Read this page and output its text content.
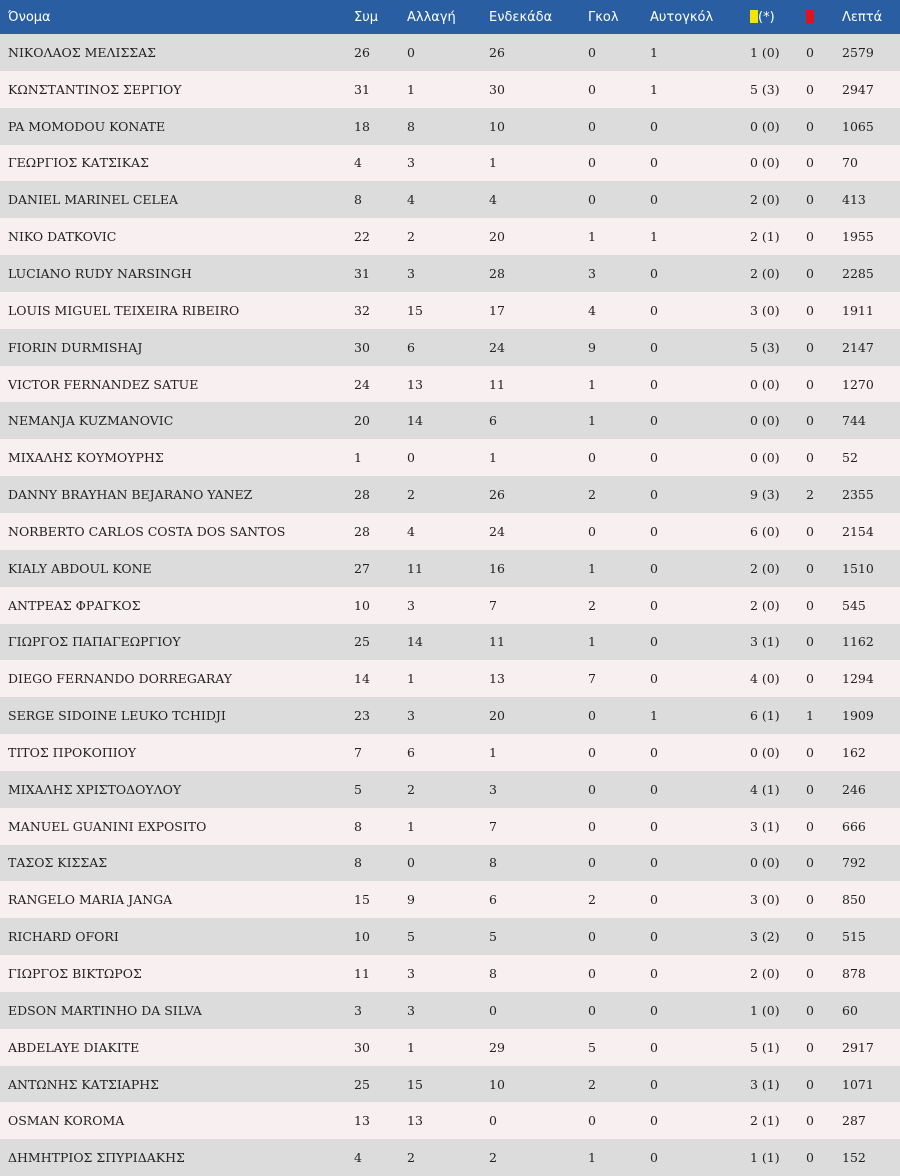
Όνομα	Συμ	Αλλαγή	Ενδεκάδα	Γκολ	Αυτογκόλ	(*)		Λεπτά
ΝΙΚΟΛΑΟΣ ΜΕΛΙΣΣΑΣ	26	0	26	0	1	1 (0)	0	2579
ΚΩΝΣΤΑΝΤΙΝΟΣ ΣΕΡΓΙΟΥ	31	1	30	0	1	5 (3)	0	2947
PA MOMODOU KONATE	18	8	10	0	0	0 (0)	0	1065
ΓΕΩΡΓΙΟΣ ΚΑΤΣΙΚΑΣ	4	3	1	0	0	0 (0)	0	70
DANIEL MARINEL CELEA	8	4	4	0	0	2 (0)	0	413
NIKO DATKOVIC	22	2	20	1	1	2 (1)	0	1955
LUCIANO RUDY NARSINGH	31	3	28	3	0	2 (0)	0	2285
LOUIS MIGUEL TEIXEIRA RIBEIRO	32	15	17	4	0	3 (0)	0	1911
FIORIN DURMISHAJ	30	6	24	9	0	5 (3)	0	2147
VICTOR FERNANDEZ SATUE	24	13	11	1	0	0 (0)	0	1270
NEMANJA KUZMANOVIC	20	14	6	1	0	0 (0)	0	744
ΜΙΧΑΛΗΣ ΚΟΥΜΟΥΡΗΣ	1	0	1	0	0	0 (0)	0	52
DANNY BRAYHAN BEJARANO YANEZ	28	2	26	2	0	9 (3)	2	2355
NORBERTO CARLOS COSTA DOS SANTOS	28	4	24	0	0	6 (0)	0	2154
KIALY ABDOUL KONE	27	11	16	1	0	2 (0)	0	1510
ΑΝΤΡΕΑΣ ΦΡΑΓΚΟΣ	10	3	7	2	0	2 (0)	0	545
ΓΙΩΡΓΟΣ ΠΑΠΑΓΕΩΡΓΙΟΥ	25	14	11	1	0	3 (1)	0	1162
DIEGO FERNANDO DORREGARAY	14	1	13	7	0	4 (0)	0	1294
SERGE SIDOINE LEUKO TCHIDJI	23	3	20	0	1	6 (1)	1	1909
ΤΙΤΟΣ ΠΡΟΚΟΠΙΟΥ	7	6	1	0	0	0 (0)	0	162
ΜΙΧΑΛΗΣ ΧΡΙΣΤΟΔΟΥΛΟΥ	5	2	3	0	0	4 (1)	0	246
MANUEL GUANINI EXPOSITO	8	1	7	0	0	3 (1)	0	666
ΤΑΣΟΣ ΚΙΣΣΑΣ	8	0	8	0	0	0 (0)	0	792
RANGELO MARIA JANGA	15	9	6	2	0	3 (0)	0	850
RICHARD OFORI	10	5	5	0	0	3 (2)	0	515
ΓΙΩΡΓΟΣ ΒΙΚΤΩΡΟΣ	11	3	8	0	0	2 (0)	0	878
EDSON MARTINHO DA SILVA	3	3	0	0	0	1 (0)	0	60
ABDELAYE DIAKITE	30	1	29	5	0	5 (1)	0	2917
ΑΝΤΩΝΗΣ ΚΑΤΣΙΑΡΗΣ	25	15	10	2	0	3 (1)	0	1071
OSMAN KOROMA	13	13	0	0	0	2 (1)	0	287
ΔΗΜΗΤΡΙΟΣ ΣΠΥΡΙΔΑΚΗΣ	4	2	2	1	0	1 (1)	0	152
